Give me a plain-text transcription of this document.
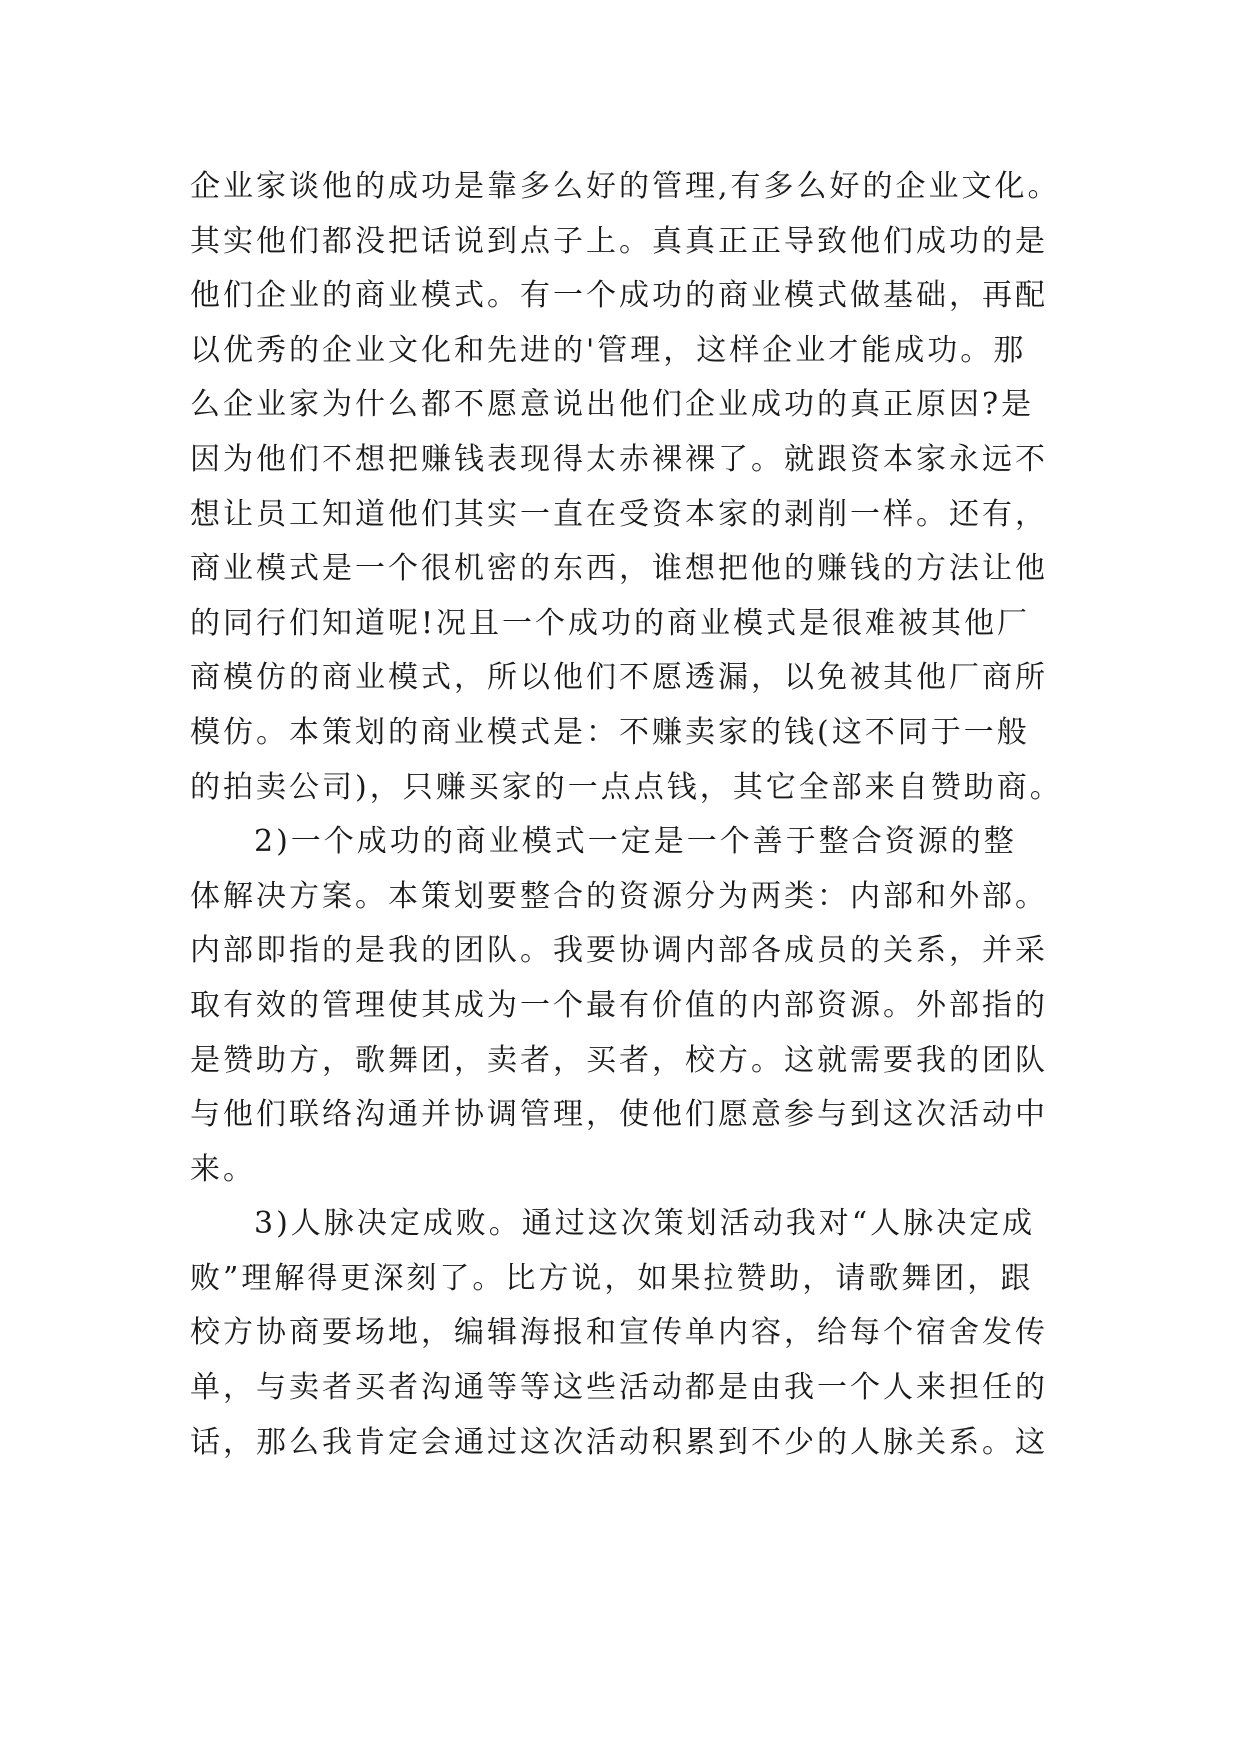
企业家谈他的成功是靠多么好的管理,有多么好的企业文化。
其实他们都没把话说到点子上。真真正正导致他们成功的是
他们企业的商业模式。有一个成功的商业模式做基础，再配
以优秀的企业文化和先进的'管理，这样企业才能成功。那
么企业家为什么都不愿意说出他们企业成功的真正原因?是
因为他们不想把赚钱表现得太赤裸裸了。就跟资本家永远不
想让员工知道他们其实一直在受资本家的剥削一样。还有，
商业模式是一个很机密的东西，谁想把他的赚钱的方法让他
的同行们知道呢!况且一个成功的商业模式是很难被其他厂
商模仿的商业模式，所以他们不愿透漏，以免被其他厂商所
模仿。本策划的商业模式是：不赚卖家的钱(这不同于一般
的拍卖公司)，只赚买家的一点点钱，其它全部来自赞助商。
2)一个成功的商业模式一定是一个善于整合资源的整
体解决方案。本策划要整合的资源分为两类：内部和外部。
内部即指的是我的团队。我要协调内部各成员的关系，并采
取有效的管理使其成为一个最有价值的内部资源。外部指的
是赞助方，歌舞团，卖者，买者，校方。这就需要我的团队
与他们联络沟通并协调管理，使他们愿意参与到这次活动中
来。
3)人脉决定成败。通过这次策划活动我对“人脉决定成
败”理解得更深刻了。比方说，如果拉赞助，请歌舞团，跟
校方协商要场地，编辑海报和宣传单内容，给每个宿舍发传
单，与卖者买者沟通等等这些活动都是由我一个人来担任的
话，那么我肯定会通过这次活动积累到不少的人脉关系。这
